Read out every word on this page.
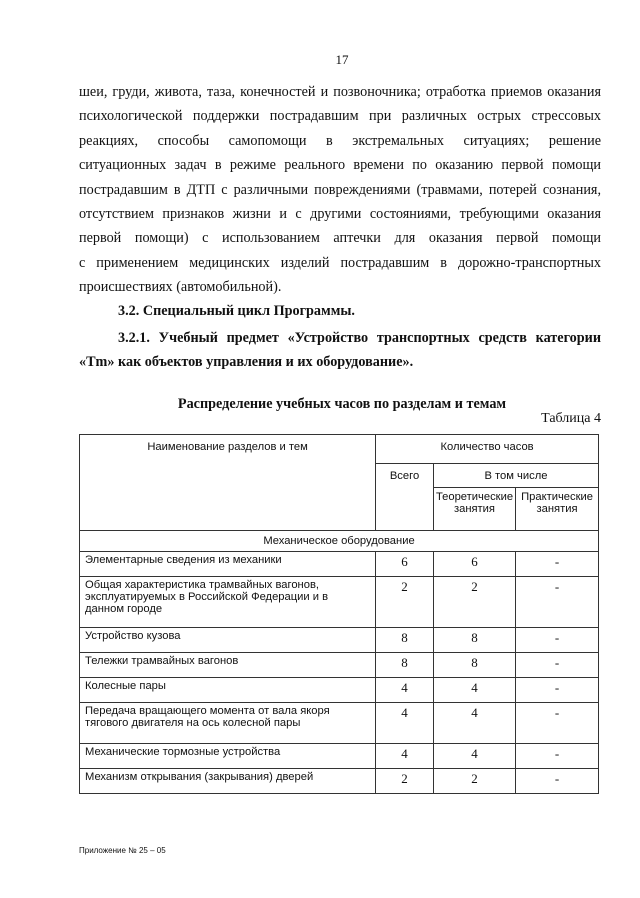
17
шеи, груди, живота, таза, конечностей и позвоночника; отработка приемов оказания
психологической поддержки пострадавшим при различных острых стрессовых
реакциях, способы самопомощи в экстремальных ситуациях; решение
ситуационных задач в режиме реального времени по оказанию первой помощи
пострадавшим в ДТП с различными повреждениями (травмами, потерей сознания,
отсутствием признаков жизни и с другими состояниями, требующими оказания
первой помощи) с использованием аптечки для оказания первой помощи
с применением медицинских изделий пострадавшим в дорожно-транспортных
происшествиях (автомобильной).
3.2. Специальный цикл Программы.
3.2.1. Учебный предмет «Устройство транспортных средств категории
«Tm» как объектов управления и их оборудование».
Распределение учебных часов по разделам и темам
Таблица 4
Наименование разделов и тем	Количество часов		
	Всего	В том числе	
		Теоретические занятия	Практические занятия
Механическое оборудование			
Элементарные сведения из механики	6	6	-
Общая характеристика трамвайных вагонов, эксплуатируемых в Российской Федерации и в данном городе	2	2	-
Устройство кузова	8	8	-
Тележки трамвайных вагонов	8	8	-
Колесные пары	4	4	-
Передача вращающего момента от вала якоря тягового двигателя на ось колесной пары	4	4	-
Механические тормозные устройства	4	4	-
Механизм открывания (закрывания) дверей	2	2	-
Приложение № 25 – 05
